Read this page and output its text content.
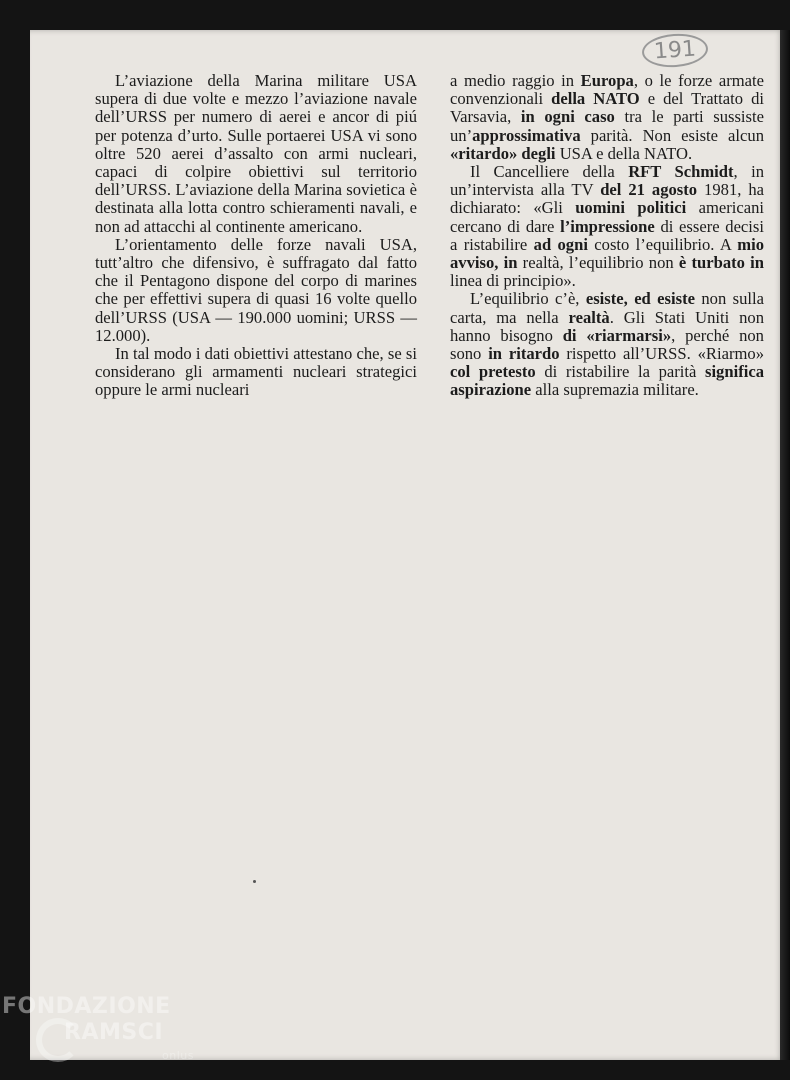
191

L’aviazione della Marina militare USA supera di due volte e mezzo l’aviazione navale dell’URSS per numero di aerei e ancor di piú per potenza d’urto. Sulle portaerei USA vi sono oltre 520 aerei d’assalto con armi nucleari, capaci di colpire obiettivi sul territorio dell’URSS. L’aviazione della Marina sovietica è destinata alla lotta contro schieramenti navali, e non ad attacchi al continente americano.

L’orientamento delle forze navali USA, tutt’altro che difensivo, è suffragato dal fatto che il Pentagono dispone del corpo di marines che per effettivi supera di quasi 16 volte quello dell’URSS (USA — 190.000 uomini; URSS — 12.000).

In tal modo i dati obiettivi attestano che, se si considerano gli armamenti nucleari strategici oppure le armi nucleari

a medio raggio in Europa, o le forze armate convenzionali della NATO e del Trattato di Varsavia, in ogni caso tra le parti sussiste un’approssimativa parità. Non esiste alcun «ritardo» degli USA e della NATO.

Il Cancelliere della RFT Schmidt, in un’intervista alla TV del 21 agosto 1981, ha dichiarato: «Gli uomini politici americani cercano di dare l’impressione di essere decisi a ristabilire ad ogni costo l’equilibrio. A mio avviso, in realtà, l’equilibrio non è turbato in linea di principio».

L’equilibrio c’è, esiste, ed esiste non sulla carta, ma nella realtà. Gli Stati Uniti non hanno bisogno di «riarmarsi», perché non sono in ritardo rispetto all’URSS. «Riarmo» col pretesto di ristabilire la parità significa aspirazione alla supremazia militare.

FONDAZIONE
RAMSCI
onlus
